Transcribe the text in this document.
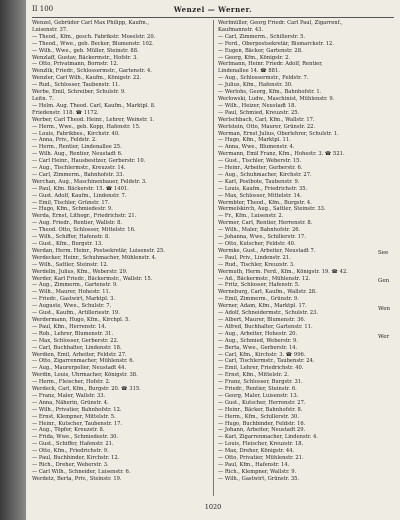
II 100	Wenzel — Werner.

Wenzel, Gebrüder Carl Max Philipp, Kaufm.,

Luisenstr. 37.

— Theod., Kfm., gesch. Fabrikstr. Moselstr. 20.

— Theod., Wwe., geb. Becker, Blumenstr. 102.

— Wilh., Wwe., geb. Müller, Steinstr. 88.

Wenzlaff, Gustav, Bäckermstr., Hofstr. 3.

— Otto, Privatmann, Bornstr. 12.

Wenzlik, Friedr., Schlossermstr., Gartenstr. 4.

Wenzler, Carl Wilh., Kaufm., Königstr. 22.

— Rud., Schlosser, Taubenstr. 11.

Werbe, Emil, Schreiber, Schulstr. 9.

Leitn. 7.

— Helm. Aug. Theod. Carl, Kaufm., Marktpl. 8.

Friedenstr. 118. ☎ 1172.

Werber, Carl Theod. Heinr., Lehrer, Weinstr. 1.

— Herm., Wwe., geb. Kopp, Hafenstr. 15.

— Louis, Fabrikbes., Kirchstr. 40.

— Anna, Priv., Feldstr. 2.

— Herm., Rentier, Lindenallee 25.

— Wilh. Aug., Rentier, Neustadt 6.

— Carl Heinr., Hausbesitzer, Gerberstr. 10.

— Aug., Tischlermstr., Kreuzstr. 14.

— Carl, Zimmerm., Bahnhofstr. 33.

Werchan, Aug., Maschinenbauer, Feldstr. 3.

— Paul, Kfm. Bäckerstr. 15. ☎ 1401.

— Gust. Adolf, Kaufm., Lindenstr. 7.

— Emil, Tischler, Grünstr. 17.

— Hugo, Kfm., Schmiedestr. 9.

Werda, Ernst, Lithogr., Friedrichstr. 21.

— Aug. Friedr., Rentier, Wallstr. 8.

— Theod. Otto, Schlosser, Mittelstr. 16.

— Wilh., Schiffer, Hafenstr. 8.

— Gust., Kfm., Burgstr. 13.

Werdan, Herm. Heinr., Postsekretär, Luisenstr. 25.

Werdecker, Heinr., Schuhmacher, Mühlenstr. 4.

— Wilh., Sattler, Steinstr. 12.

Werdelin, Julius, Kfm., Weberstr. 29.

Werder, Karl Friedr., Bäckermstr., Wallstr. 15.

— Aug., Zimmerm., Gartenstr. 9.

— Wilh., Maurer, Hohestr. 11.

— Friedr., Gastwirt, Marktpl. 3.

— Auguste, Wwe., Schulstr. 7.

— Gust., Kaufm., Artilleriestr. 19.

Werdermann, Hugo, Kfm., Kirchpl. 5.

— Paul, Kfm., Herrenstr. 14.

— Rob., Lehrer, Blumenstr. 31.

— Max, Schlosser, Gerberstr. 22.

— Carl, Buchhalter, Lindenstr. 18.

Werdien, Emil, Arbeiter, Feldstr. 27.

— Otto, Zigarrenmacher, Mühlenstr. 6.

— Aug., Maurerpolier, Neustadt 44.

Werdin, Louis, Uhrmacher, Königstr. 38.

— Herm., Fleischer, Hofstr. 2.

Werdeck, Carl, Kfm., Burgstr. 20. ☎ 315.

— Franz, Maler, Wallstr. 33.

— Anna, Näherin, Grünstr. 4.

— Wilh., Privatier, Bahnhofstr. 12.

— Ernst, Klempner, Mittelstr. 5.

— Heinr., Kutscher, Taubenstr. 17.

— Aug., Töpfer, Kreuzstr. 8.

— Frida, Wwe., Schmiedestr. 30.

— Gust., Schiffer, Hafenstr. 21.

— Otto, Kfm., Friedrichstr. 9.

— Paul, Buchbinder, Kirchstr. 12.

— Rich., Dreher, Weberstr. 3.

— Carl Wilh., Schneider, Luisenstr. 6.

Werdetz, Berta, Priv., Steinstr. 19.

Werlmüller, Georg Friedr. Carl Paul, Zigarrenf.,

Kaufmannstr. 43.

— Carl, Zimmerm., Schillerstr. 5.

— Ferd., Oberpostsekretär, Bismarckstr. 12.

— Eugen, Bäcker, Gartenstr. 28.

— Georg, Kfm., Königstr. 2.

Werlmann, Heinr. Friedr. Adolf, Rentier,

Lindenallee 14. ☎ 881.

— Aug., Schlossermstr., Feldstr. 7.

— Julius, Kfm., Hafenstr. 30.

— Werlohs, Georg, Kfm., Bahnhofstr. 1.

Werlowski, Ludw., Maschinist, Mühlenstr. 9.

— Wilh., Heizer, Neustadt 18.

— Paul, Schmied, Kreuzstr. 25.

Werlschbach, Carl, Kfm., Wallstr. 17.

Werlstein, Otto, Maurer, Grünstr. 22.

Werman, Ernst Julius, Oberlehrer, Schulstr. 1.

— Hugo, Kfm., Marktpl. 11.

— Anna, Wwe., Blumenstr. 4.

Wermann, Emil Franz, Kfm., Hohestr. 3. ☎ 521.

— Gust., Tischler, Weberstr. 15.

— Heinr., Arbeiter, Gerberstr. 6.

— Aug., Schuhmacher, Kirchstr. 27.

— Karl, Postbote, Taubenstr. 9.

— Louis, Kaufm., Friedrichstr. 35.

— Max, Schlosser, Mittelstr. 14.

Wermbter, Theod., Kfm., Burgstr. 4.

Wermelskirch, Aug., Sattler, Steinstr. 33.

— Fr., Kfm., Luisenstr. 2.

Wermer, Carl, Rentier, Herrenstr. 8.

— Wilh., Maler, Bahnhofstr. 26.

— Johanna, Wwe., Schillerstr. 17.

— Otto, Kutscher, Feldstr. 40.

Wermke, Gust., Arbeiter, Neustadt 7.

— Paul, Priv., Lindenstr. 21.

— Rud., Tischler, Kreuzstr. 3.

Wermuth, Herm. Ferd., Kfm., Königstr. 19. ☎ 42.

— Ad., Bäckermstr., Mühlenstr. 12.

— Fritz, Schlosser, Hafenstr. 5.

Werneburg, Carl, Kaufm., Wallstr. 28.

— Emil, Zimmerm., Grünstr. 9.

Werner, Adam, Kfm., Marktpl. 17.

— Adolf, Schneidermstr., Schulstr. 23.

— Albert, Maurer, Blumenstr. 36.

— Alfred, Buchhalter, Gartenstr. 11.

— Aug., Arbeiter, Hohestr. 20.

— Aug., Schmied, Weberstr. 9.

— Berta, Wwe., Gerberstr. 14.

— Carl, Kfm., Kirchstr. 3. ☎ 996.

— Carl, Tischlermstr., Taubenstr. 24.

— Emil, Lehrer, Friedrichstr. 40.

— Ernst, Kfm., Mittelstr. 2.

— Franz, Schlosser, Burgstr. 31.

— Friedr., Rentier, Steinstr. 6.

— Georg, Maler, Luisenstr. 13.

— Gust., Kutscher, Herrenstr. 27.

— Heinr., Bäcker, Bahnhofstr. 8.

— Herm., Kfm., Schillerstr. 30.

— Hugo, Buchbinder, Feldstr. 16.

— Johann, Arbeiter, Neustadt 29.

— Karl, Zigarrenmacher, Lindenstr. 4.

— Louis, Fleischer, Kreuzstr. 18.

— Max, Dreher, Königstr. 44.

— Otto, Privatier, Mühlenstr. 21.

— Paul, Kfm., Hafenstr. 14.

— Rich., Klempner, Wallstr. 9.

— Wilh., Gastwirt, Grünstr. 35.

See
Gen
Wen
Wer
1020
